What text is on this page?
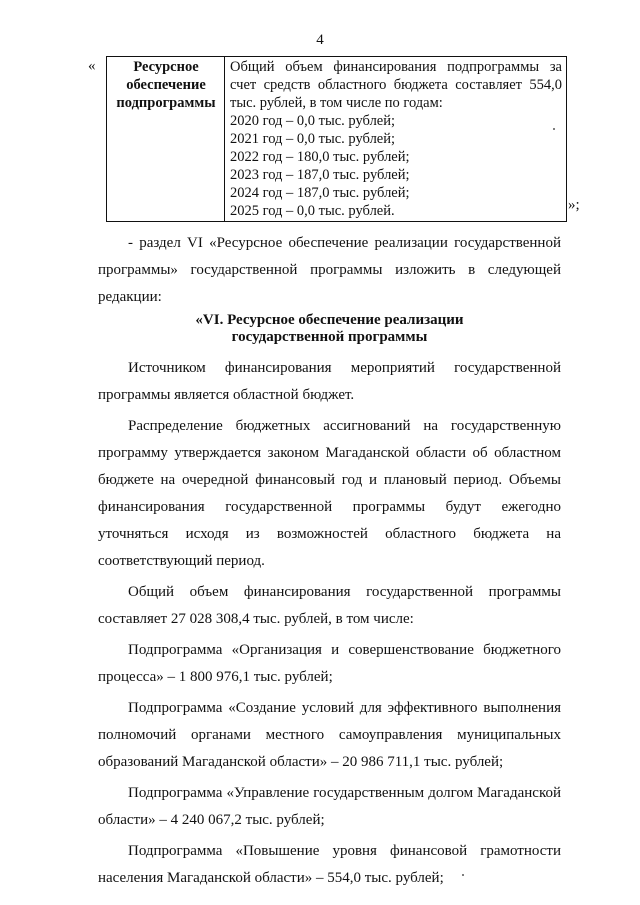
4
«	Ресурсное
обеспечение
подпрограммы

Общий объем финансирования подпрограммы за
счет средств областного бюджета составляет 554,0
тыс. рублей, в том числе по годам:
2020 год – 0,0 тыс. рублей;
2021 год – 0,0 тыс. рублей;
2022 год – 180,0 тыс. рублей;
2023 год – 187,0 тыс. рублей;
2024 год – 187,0 тыс. рублей;
2025 год – 0,0 тыс. рублей.	»;

- раздел VI «Ресурсное обеспечение реализации государственной программы» государственной программы изложить в следующей редакции:

«VI. Ресурсное обеспечение реализации
государственной программы

Источником финансирования мероприятий государственной программы является областной бюджет.

Распределение бюджетных ассигнований на государственную программу утверждается законом Магаданской области об областном бюджете на очередной финансовый год и плановый период. Объемы финансирования государственной программы будут ежегодно уточняться исходя из возможностей областного бюджета на соответствующий период.

Общий объем финансирования государственной программы составляет 27 028 308,4 тыс. рублей, в том числе:

Подпрограмма «Организация и совершенствование бюджетного процесса» – 1 800 976,1 тыс. рублей;

Подпрограмма «Создание условий для эффективного выполнения полномочий органами местного самоуправления муниципальных образований Магаданской области» – 20 986 711,1 тыс. рублей;

Подпрограмма «Управление государственным долгом Магаданской области» – 4 240 067,2 тыс. рублей;

Подпрограмма «Повышение уровня финансовой грамотности населения Магаданской области» – 554,0 тыс. рублей;
